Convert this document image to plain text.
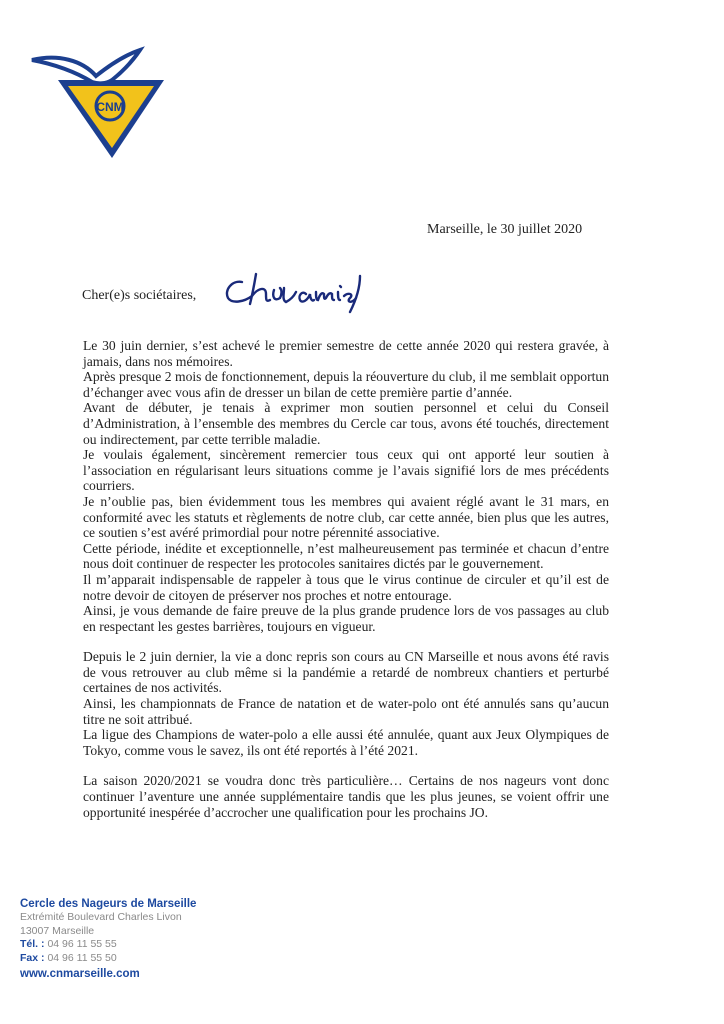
CNM
Marseille, le 30 juillet 2020
Cher(e)s sociétaires,

Le 30 juin dernier, s’est achevé le premier semestre de cette année 2020 qui restera gravée, à jamais, dans nos mémoires.

Après presque 2 mois de fonctionnement, depuis la réouverture du club, il me semblait opportun d’échanger avec vous afin de dresser un bilan de cette première partie d’année.

Avant de débuter, je tenais à exprimer mon soutien personnel et celui du Conseil d’Administration, à l’ensemble des membres du Cercle car tous, avons été touchés, directement ou indirectement, par cette terrible maladie.

Je voulais également, sincèrement remercier tous ceux qui ont apporté leur soutien à l’association en régularisant leurs situations comme je l’avais signifié lors de mes précédents courriers.

Je n’oublie pas, bien évidemment tous les membres qui avaient réglé avant le 31 mars, en conformité avec les statuts et règlements de notre club, car cette année, bien plus que les autres, ce soutien s’est avéré primordial pour notre pérennité associative.

Cette période, inédite et exceptionnelle, n’est malheureusement pas terminée et chacun d’entre nous doit continuer de respecter les protocoles sanitaires dictés par le gouvernement.

Il m’apparait indispensable de rappeler à tous que le virus continue de circuler et qu’il est de notre devoir de citoyen de préserver nos proches et notre entourage.

Ainsi, je vous demande de faire preuve de la plus grande prudence lors de vos passages au club en respectant les gestes barrières, toujours en vigueur.

Depuis le 2 juin dernier, la vie a donc repris son cours au CN Marseille et nous avons été ravis de vous retrouver au club même si la pandémie a retardé de nombreux chantiers et perturbé certaines de nos activités.

Ainsi, les championnats de France de natation et de water-polo ont été annulés sans qu’aucun titre ne soit attribué.

La ligue des Champions de water-polo a elle aussi été annulée, quant aux Jeux Olympiques de Tokyo, comme vous le savez, ils ont été reportés à l’été 2021.

La saison 2020/2021 se voudra donc très particulière… Certains de nos nageurs vont donc continuer l’aventure une année supplémentaire tandis que les plus jeunes, se voient offrir une opportunité inespérée d’accrocher une qualification pour les prochains JO.

Cercle des Nageurs de Marseille
Extrémité Boulevard Charles Livon
13007 Marseille
Tél. : 04 96 11 55 55
Fax : 04 96 11 55 50
www.cnmarseille.com
